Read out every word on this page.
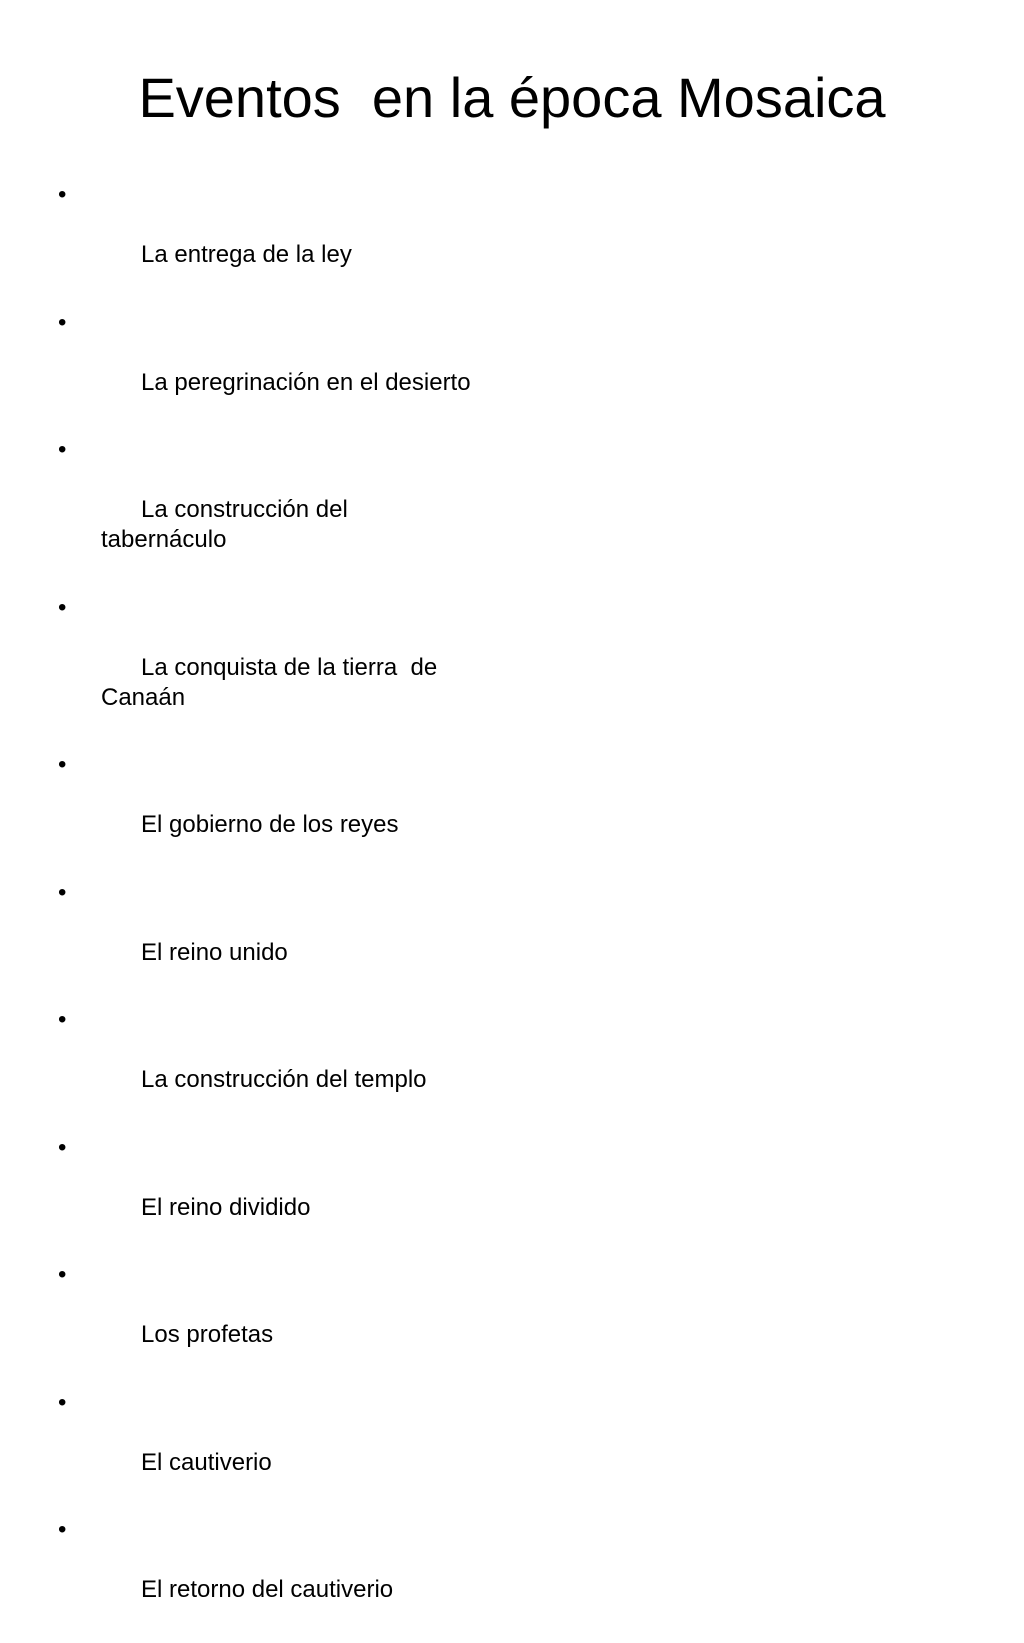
Eventos  en la época Mosaica

•

La entrega de la ley

•

La peregrinación en el desierto

•

La construcción del
tabernáculo

•

La conquista de la tierra  de
Canaán

•

El gobierno de los reyes

•

El reino unido

•

La construcción del templo

•

El reino dividido

•

Los profetas

•

El cautiverio

•

El retorno del cautiverio
